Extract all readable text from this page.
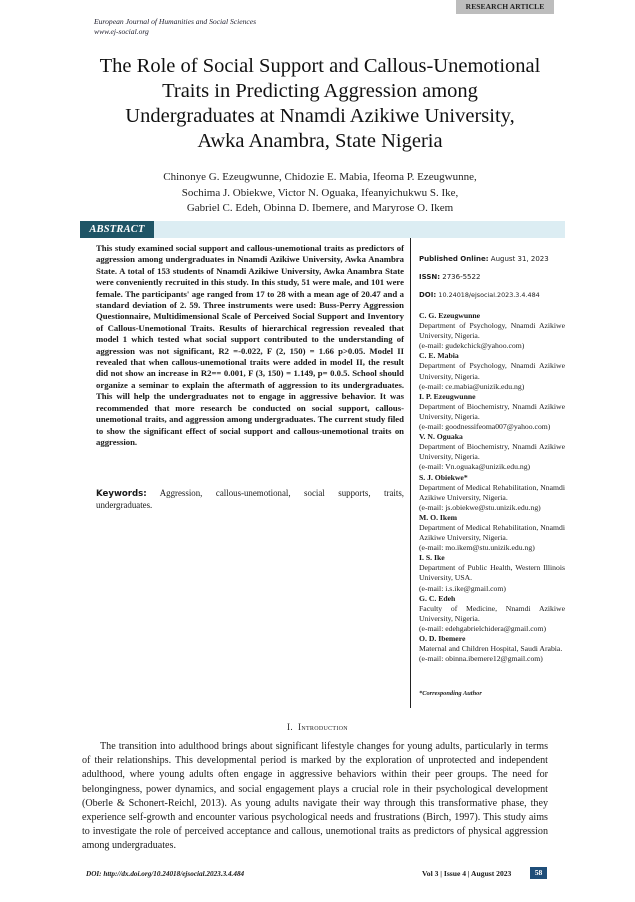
RESEARCH ARTICLE
European Journal of Humanities and Social Sciences
www.ej-social.org
The Role of Social Support and Callous-Unemotional
Traits in Predicting Aggression among
Undergraduates at Nnamdi Azikiwe University,
Awka Anambra, State Nigeria
Chinonye G. Ezeugwunne, Chidozie E. Mabia, Ifeoma P. Ezeugwunne,
Sochima J. Obiekwe, Victor N. Oguaka, Ifeanyichukwu S. Ike,
Gabriel C. Edeh, Obinna D. Ibemere, and Maryrose O. Ikem
ABSTRACT
This study examined social support and callous-unemotional traits as predictors of aggression among undergraduates in Nnamdi Azikiwe University, Awka Anambra State. A total of 153 students of Nnamdi Azikiwe University, Awka Anambra State were conveniently recruited in this study. In this study, 51 were male, and 101 were female. The participants' age ranged from 17 to 28 with a mean age of 20.47 and a standard deviation of 2. 59. Three instruments were used: Buss-Perry Aggression Questionnaire, Multidimensional Scale of Perceived Social Support and Inventory of Callous-Unemotional Traits. Results of hierarchical regression revealed that model 1 which tested what social support contributed to the understanding of aggression was not significant, R2 =-0.022, F (2, 150) = 1.66 p>0.05. Model II revealed that when callous-unemotional traits were added in model II, the result did not show an increase in R2== 0.001, F (3, 150) = 1.149, p= 0.0.5. School should organize a seminar to explain the aftermath of aggression to its undergraduates. This will help the undergraduates not to engage in aggressive behavior. It was recommended that more research be conducted on social support, callous-unemotional traits, and aggression among undergraduates. The current study filed to show the significant effect of social support and callous-unemotional traits on aggression.
Keywords: Aggression, callous-unemotional, social supports, traits, undergraduates.
Published Online: August 31, 2023
ISSN: 2736-5522
DOI: 10.24018/ejsocial.2023.3.4.484
C. G. Ezeugwunne
Department of Psychology, Nnamdi Azikiwe University, Nigeria.
(e-mail: gudekchick@yahoo.com)
C. E. Mabia
Department of Psychology, Nnamdi Azikiwe University, Nigeria.
(e-mail: ce.mabia@unizik.edu.ng)
I. P. Ezeugwunne
Department of Biochemistry, Nnamdi Azikiwe University, Nigeria.
(e-mail: goodnessifeoma007@yahoo.com)
V. N. Oguaka
Department of Biochemistry, Nnamdi Azikiwe University, Nigeria.
(e-mail: Vn.oguaka@unizik.edu.ng)
S. J. Obiekwe*
Department of Medical Rehabilitation, Nnamdi Azikiwe University, Nigeria.
(e-mail: js.obiekwe@stu.unizik.edu.ng)
M. O. Ikem
Department of Medical Rehabilitation, Nnamdi Azikiwe University, Nigeria.
(e-mail: mo.ikem@stu.unizik.edu.ng)
I. S. Ike
Department of Public Health, Western Illinois University, USA.
(e-mail: i.s.ike@gmail.com)
G. C. Edeh
Faculty of Medicine, Nnamdi Azikiwe University, Nigeria.
(e-mail: edehgabrielchidera@gmail.com)
O. D. Ibemere
Maternal and Children Hospital, Saudi Arabia.
(e-mail: obinna.ibemere12@gmail.com)
*Corresponding Author
I. Introduction
The transition into adulthood brings about significant lifestyle changes for young adults, particularly in terms of their relationships. This developmental period is marked by the exploration of unprotected and independent adulthood, where young adults often engage in aggressive behaviors within their peer groups. The need for belongingness, power dynamics, and social engagement plays a crucial role in their psychological development (Oberle & Schonert-Reichl, 2013). As young adults navigate their way through this transformative phase, they experience self-growth and encounter various psychological needs and frustrations (Birch, 1997). This study aims to investigate the role of perceived acceptance and callous, unemotional traits as predictors of physical aggression among undergraduates.
DOI: http://dx.doi.org/10.24018/ejsocial.2023.3.4.484	Vol 3 | Issue 4 | August 2023	58
